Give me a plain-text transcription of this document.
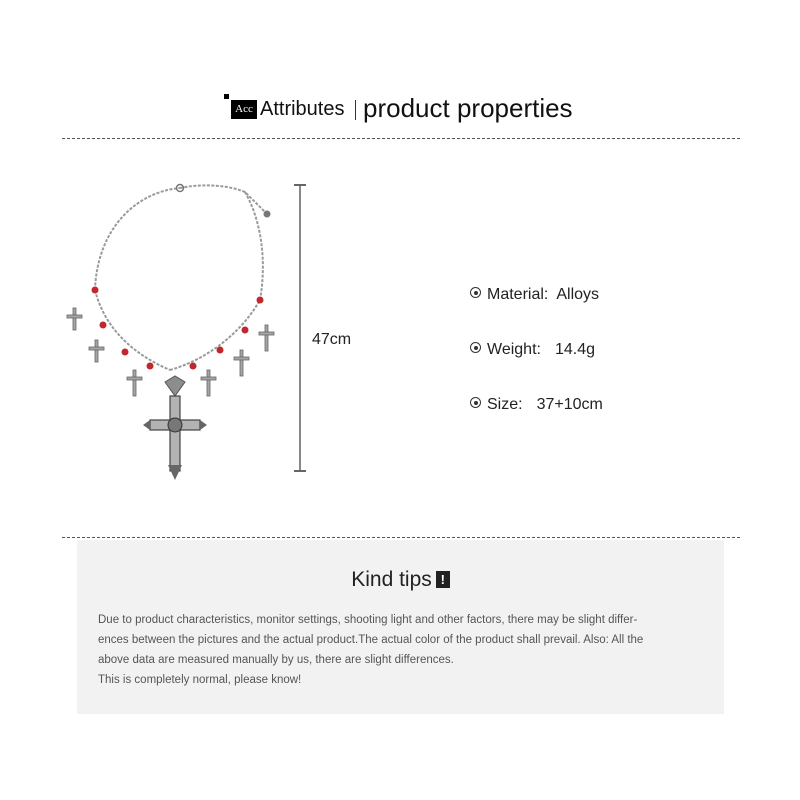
Acc Attributes product properties
47cm
Material: Alloys
Weight: 14.4g
Size: 37+10cm
Kind tips !

Due to product characteristics, monitor settings, shooting light and other factors, there may be slight differ-

ences between the pictures and the actual product.The actual color of the product shall prevail. Also: All the

above data are measured manually by us, there are slight differences.

This is completely normal, please know!
